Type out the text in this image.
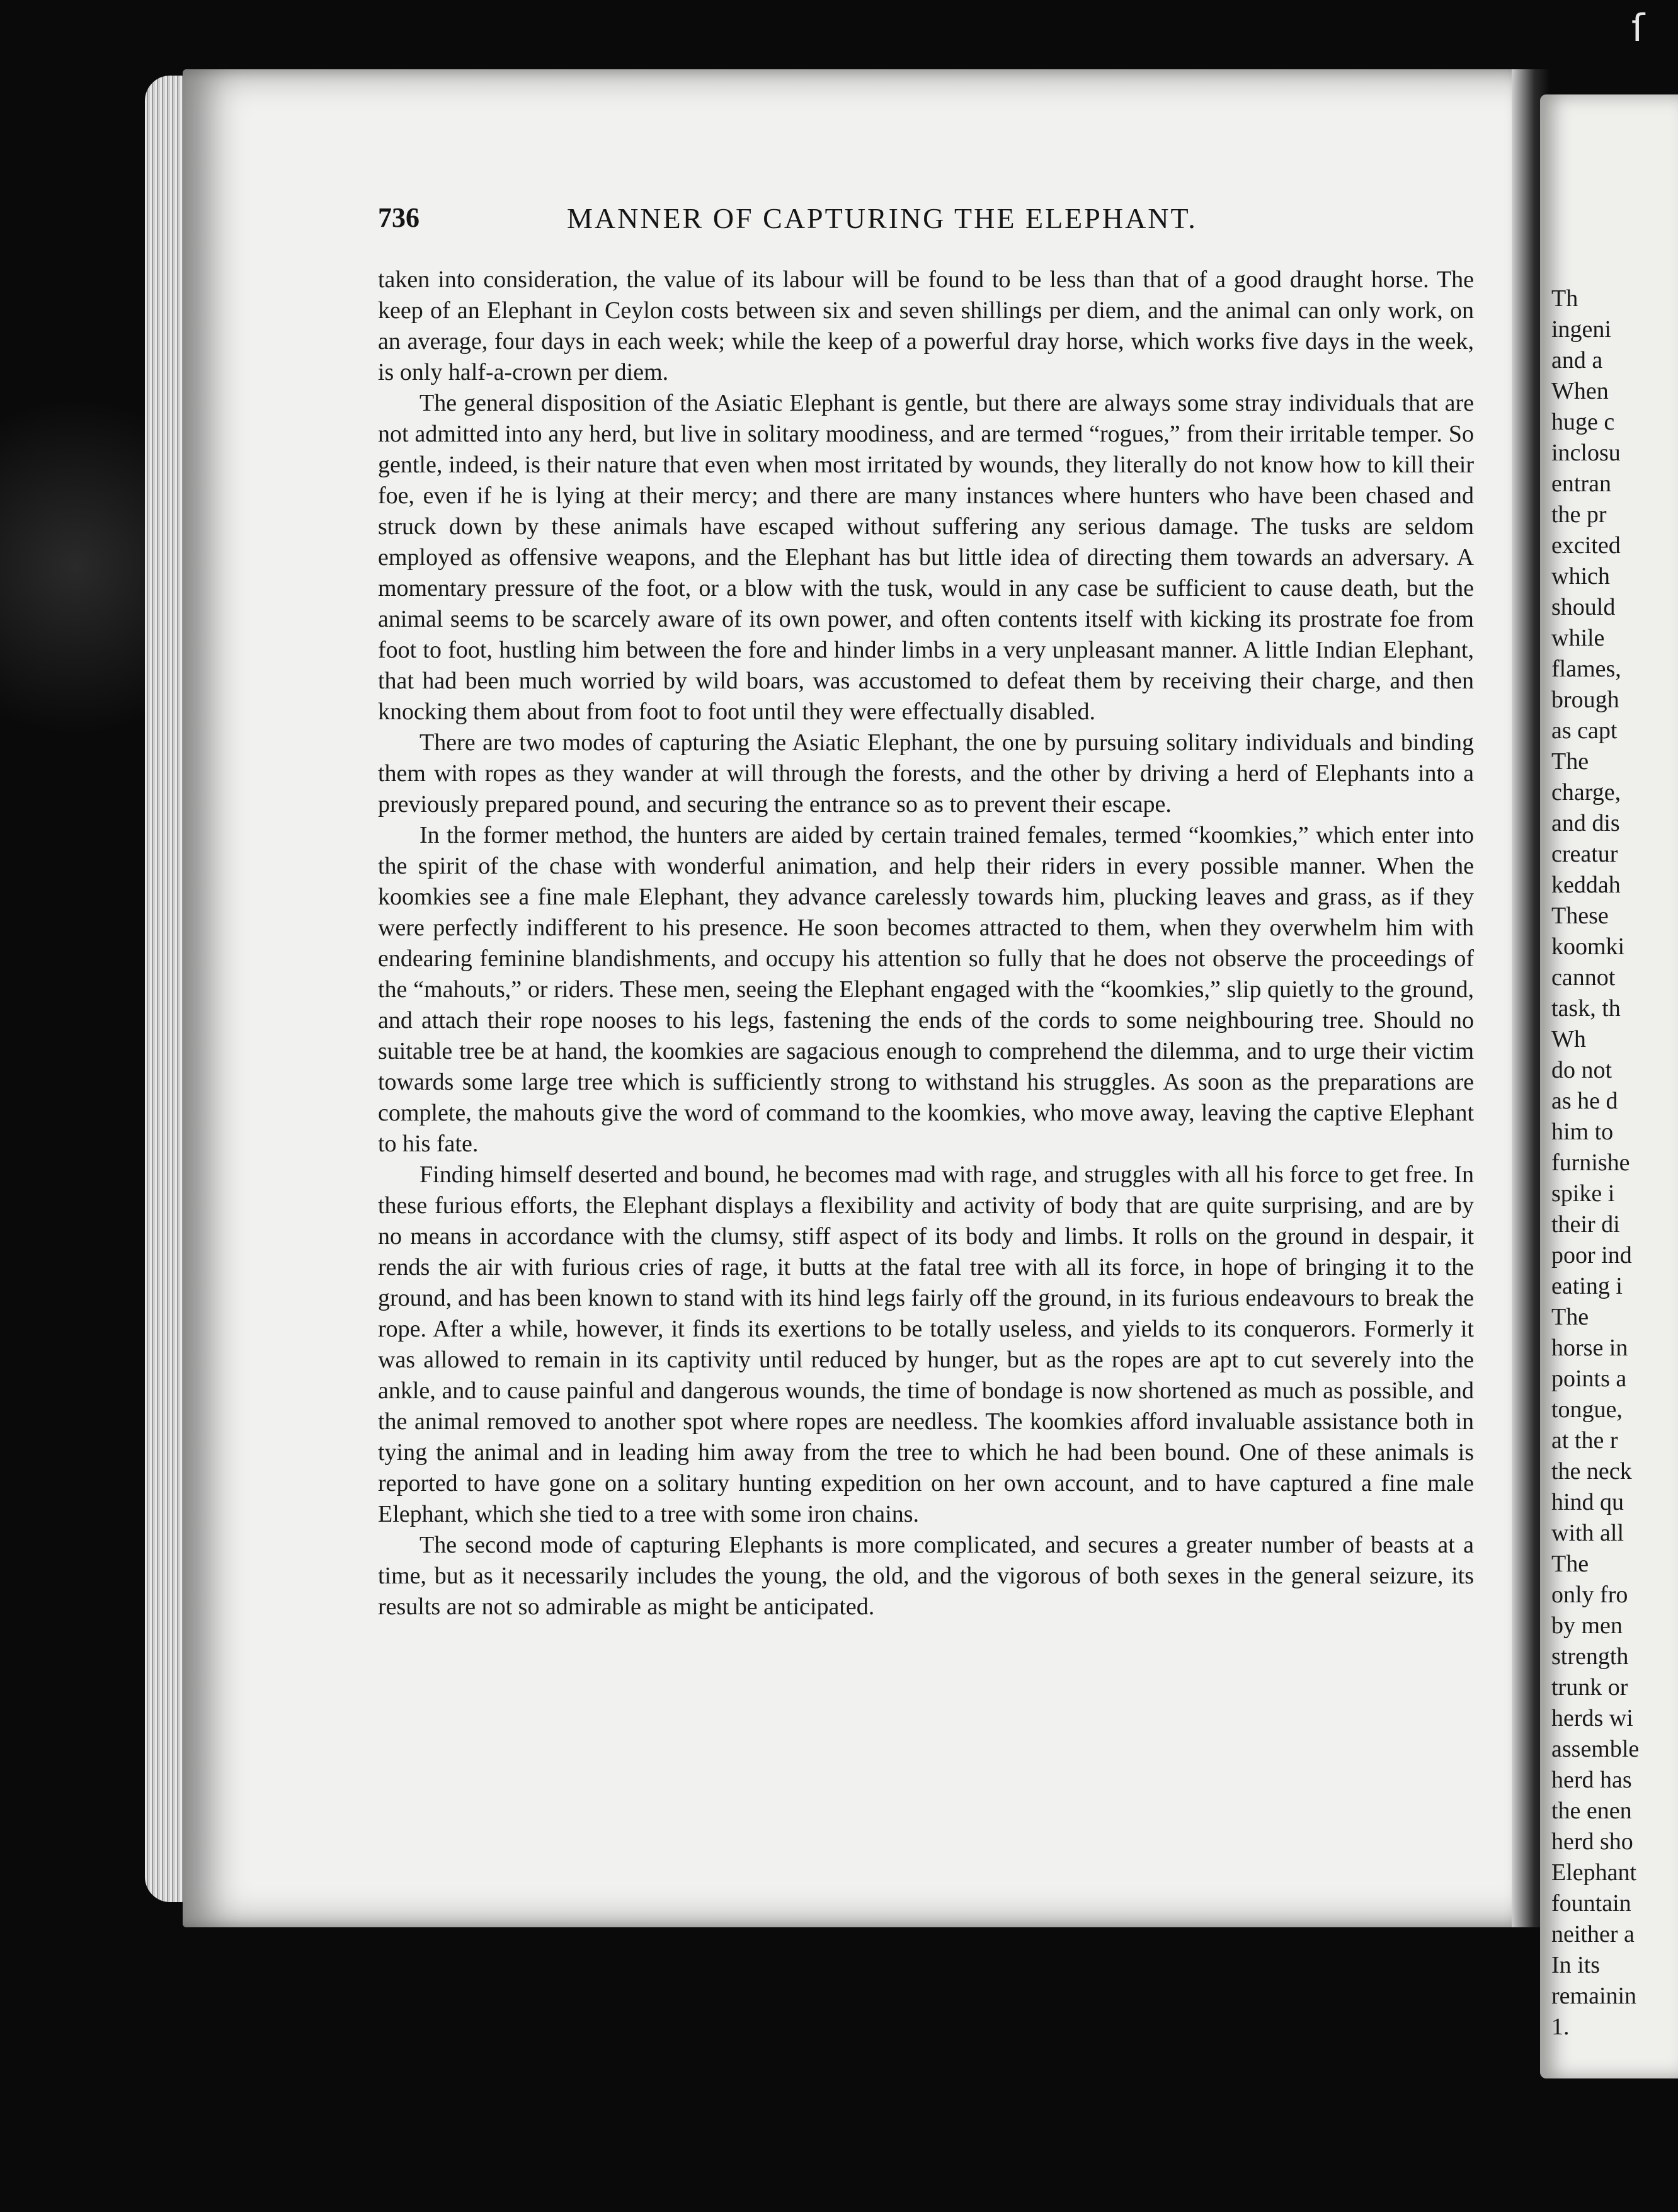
736	MANNER OF CAPTURING THE ELEPHANT.

taken into consideration, the value of its labour will be found to be less than that of a good draught horse. The keep of an Elephant in Ceylon costs between six and seven shillings per diem, and the animal can only work, on an average, four days in each week; while the keep of a powerful dray horse, which works five days in the week, is only half-a-crown per diem.

The general disposition of the Asiatic Elephant is gentle, but there are always some stray individuals that are not admitted into any herd, but live in solitary moodiness, and are termed “rogues,” from their irritable temper. So gentle, indeed, is their nature that even when most irritated by wounds, they literally do not know how to kill their foe, even if he is lying at their mercy; and there are many instances where hunters who have been chased and struck down by these animals have escaped without suffering any serious damage. The tusks are seldom employed as offensive weapons, and the Elephant has but little idea of directing them towards an adversary. A momentary pressure of the foot, or a blow with the tusk, would in any case be sufficient to cause death, but the animal seems to be scarcely aware of its own power, and often contents itself with kicking its prostrate foe from foot to foot, hustling him between the fore and hinder limbs in a very unpleasant manner. A little Indian Elephant, that had been much worried by wild boars, was accustomed to defeat them by receiving their charge, and then knocking them about from foot to foot until they were effectually disabled.

There are two modes of capturing the Asiatic Elephant, the one by pursuing solitary individuals and binding them with ropes as they wander at will through the forests, and the other by driving a herd of Elephants into a previously prepared pound, and securing the entrance so as to prevent their escape.

In the former method, the hunters are aided by certain trained females, termed “koomkies,” which enter into the spirit of the chase with wonderful animation, and help their riders in every possible manner. When the koomkies see a fine male Elephant, they advance carelessly towards him, plucking leaves and grass, as if they were perfectly indifferent to his presence. He soon becomes attracted to them, when they overwhelm him with endearing feminine blandishments, and occupy his attention so fully that he does not observe the proceedings of the “mahouts,” or riders. These men, seeing the Elephant engaged with the “koomkies,” slip quietly to the ground, and attach their rope nooses to his legs, fastening the ends of the cords to some neighbouring tree. Should no suitable tree be at hand, the koomkies are sagacious enough to comprehend the dilemma, and to urge their victim towards some large tree which is sufficiently strong to withstand his struggles. As soon as the preparations are complete, the mahouts give the word of command to the koomkies, who move away, leaving the captive Elephant to his fate.

Finding himself deserted and bound, he becomes mad with rage, and struggles with all his force to get free. In these furious efforts, the Elephant displays a flexibility and activity of body that are quite surprising, and are by no means in accordance with the clumsy, stiff aspect of its body and limbs. It rolls on the ground in despair, it rends the air with furious cries of rage, it butts at the fatal tree with all its force, in hope of bringing it to the ground, and has been known to stand with its hind legs fairly off the ground, in its furious endeavours to break the rope. After a while, however, it finds its exertions to be totally useless, and yields to its conquerors. Formerly it was allowed to remain in its captivity until reduced by hunger, but as the ropes are apt to cut severely into the ankle, and to cause painful and dangerous wounds, the time of bondage is now shortened as much as possible, and the animal removed to another spot where ropes are needless. The koomkies afford invaluable assistance both in tying the animal and in leading him away from the tree to which he had been bound. One of these animals is reported to have gone on a solitary hunting expedition on her own account, and to have captured a fine male Elephant, which she tied to a tree with some iron chains.

The second mode of capturing Elephants is more complicated, and secures a greater number of beasts at a time, but as it necessarily includes the young, the old, and the vigorous of both sexes in the general seizure, its results are not so admirable as might be anticipated.

Th
ingeni
and a
When
huge c
inclosu
entran
the pr
excited
which
should
while
flames,
brough
as capt
The
charge,
and dis
creatur
keddah
These
koomki
cannot
task, th
Wh
do not
as he d
him to
furnishe
spike i
their di
poor ind
eating i
The
horse in
points a
tongue,
at the r
the neck
hind qu
with all
The
only fro
by men
strength
trunk or
herds wi
assemble
herd has
the enen
herd sho
Elephant
fountain
neither a
In its
remainin
1.
ſ
